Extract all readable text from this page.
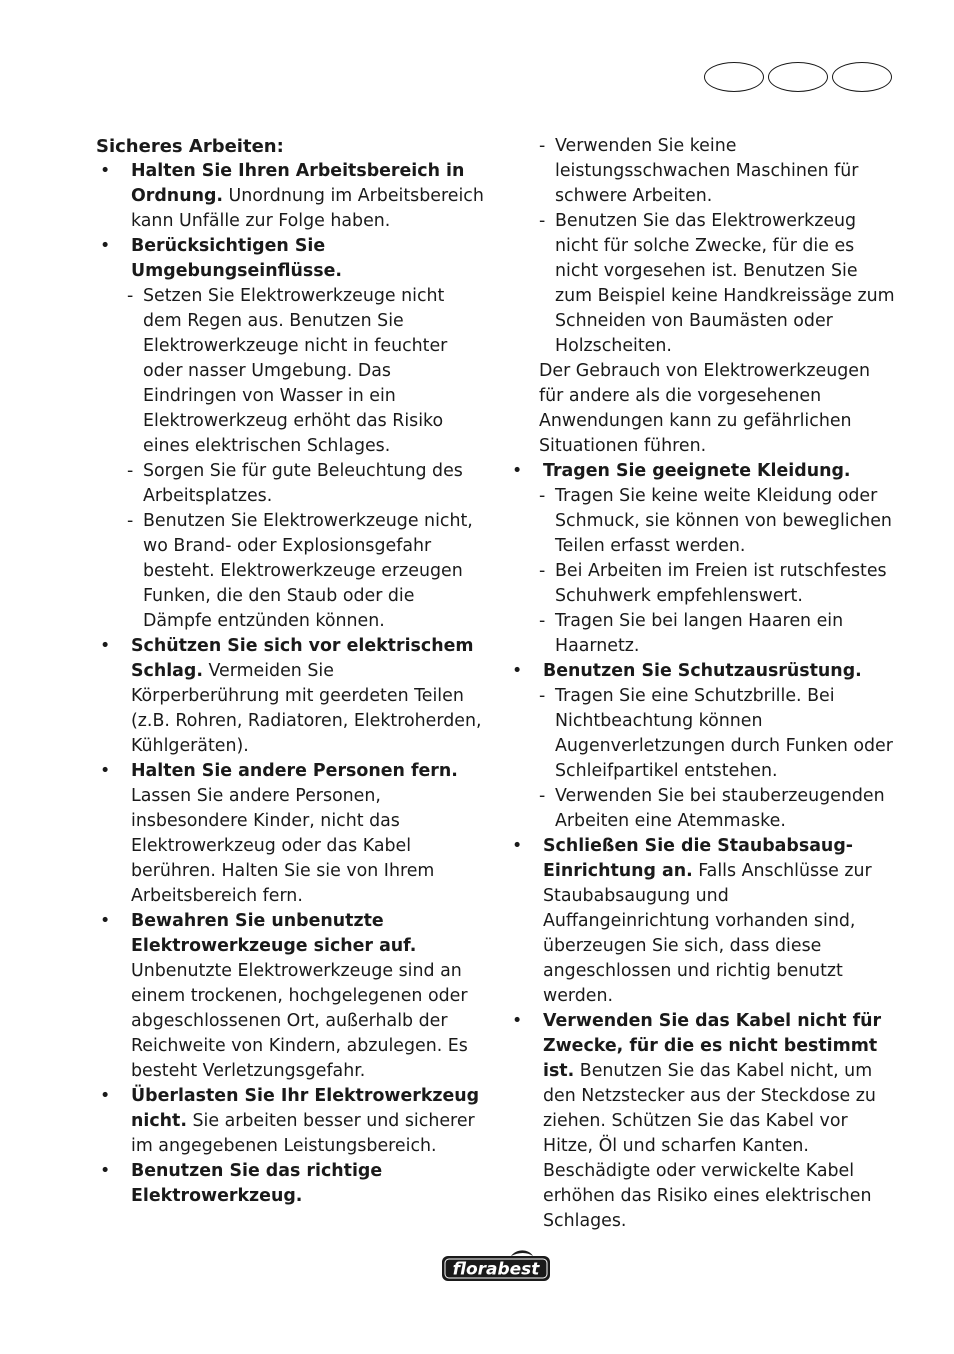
Sicheres Arbeiten:

• Halten Sie Ihren Arbeitsbereich in Ordnung. Unordnung im Arbeitsbereich kann Unfälle zur Folge haben.
• Berücksichtigen Sie Umgebungseinflüsse.
- Setzen Sie Elektrowerkzeuge nicht dem Regen aus. Benutzen Sie Elektrowerkzeuge nicht in feuchter oder nasser Umgebung. Das Eindringen von Wasser in ein Elektrowerkzeug erhöht das Risiko eines elektrischen Schlages.
- Sorgen Sie für gute Beleuchtung des Arbeitsplatzes.
- Benutzen Sie Elektrowerkzeuge nicht, wo Brand- oder Explosionsgefahr besteht. Elektrowerkzeuge erzeugen Funken, die den Staub oder die Dämpfe entzünden können.
• Schützen Sie sich vor elektrischem Schlag. Vermeiden Sie Körperberührung mit geerdeten Teilen (z.B. Rohren, Radiatoren, Elektroherden, Kühlgeräten).
• Halten Sie andere Personen fern. Lassen Sie andere Personen, insbesondere Kinder, nicht das Elektrowerkzeug oder das Kabel berühren. Halten Sie sie von Ihrem Arbeitsbereich fern.
• Bewahren Sie unbenutzte Elektrowerkzeuge sicher auf. Unbenutzte Elektrowerkzeuge sind an einem trockenen, hochgelegenen oder abgeschlossenen Ort, außerhalb der Reichweite von Kindern, abzulegen. Es besteht Verletzungsgefahr.
• Überlasten Sie Ihr Elektrowerkzeug nicht. Sie arbeiten besser und sicherer im angegebenen Leistungsbereich.
• Benutzen Sie das richtige Elektrowerkzeug.
- Verwenden Sie keine leistungsschwachen Maschinen für schwere Arbeiten.
- Benutzen Sie das Elektrowerkzeug nicht für solche Zwecke, für die es nicht vorgesehen ist. Benutzen Sie zum Beispiel keine Handkreissäge zum Schneiden von Baumästen oder Holzscheiten.
Der Gebrauch von Elektrowerkzeugen für andere als die vorgesehenen Anwendungen kann zu gefährlichen Situationen führen.
• Tragen Sie geeignete Kleidung.
- Tragen Sie keine weite Kleidung oder Schmuck, sie können von beweglichen Teilen erfasst werden.
- Bei Arbeiten im Freien ist rutschfestes Schuhwerk empfehlenswert.
- Tragen Sie bei langen Haaren ein Haarnetz.
• Benutzen Sie Schutzausrüstung.
- Tragen Sie eine Schutzbrille. Bei Nichtbeachtung können Augenverletzungen durch Funken oder Schleifpartikel entstehen.
- Verwenden Sie bei stauberzeugenden Arbeiten eine Atemmaske.
• Schließen Sie die Staubabsaug-Einrichtung an. Falls Anschlüsse zur Staubabsaugung und Auffangeinrichtung vorhanden sind, überzeugen Sie sich, dass diese angeschlossen und richtig benutzt werden.
• Verwenden Sie das Kabel nicht für Zwecke, für die es nicht bestimmt ist. Benutzen Sie das Kabel nicht, um den Netzstecker aus der Steckdose zu ziehen. Schützen Sie das Kabel vor Hitze, Öl und scharfen Kanten.
Beschädigte oder verwickelte Kabel erhöhen das Risiko eines elektrischen Schlages.
florabest
